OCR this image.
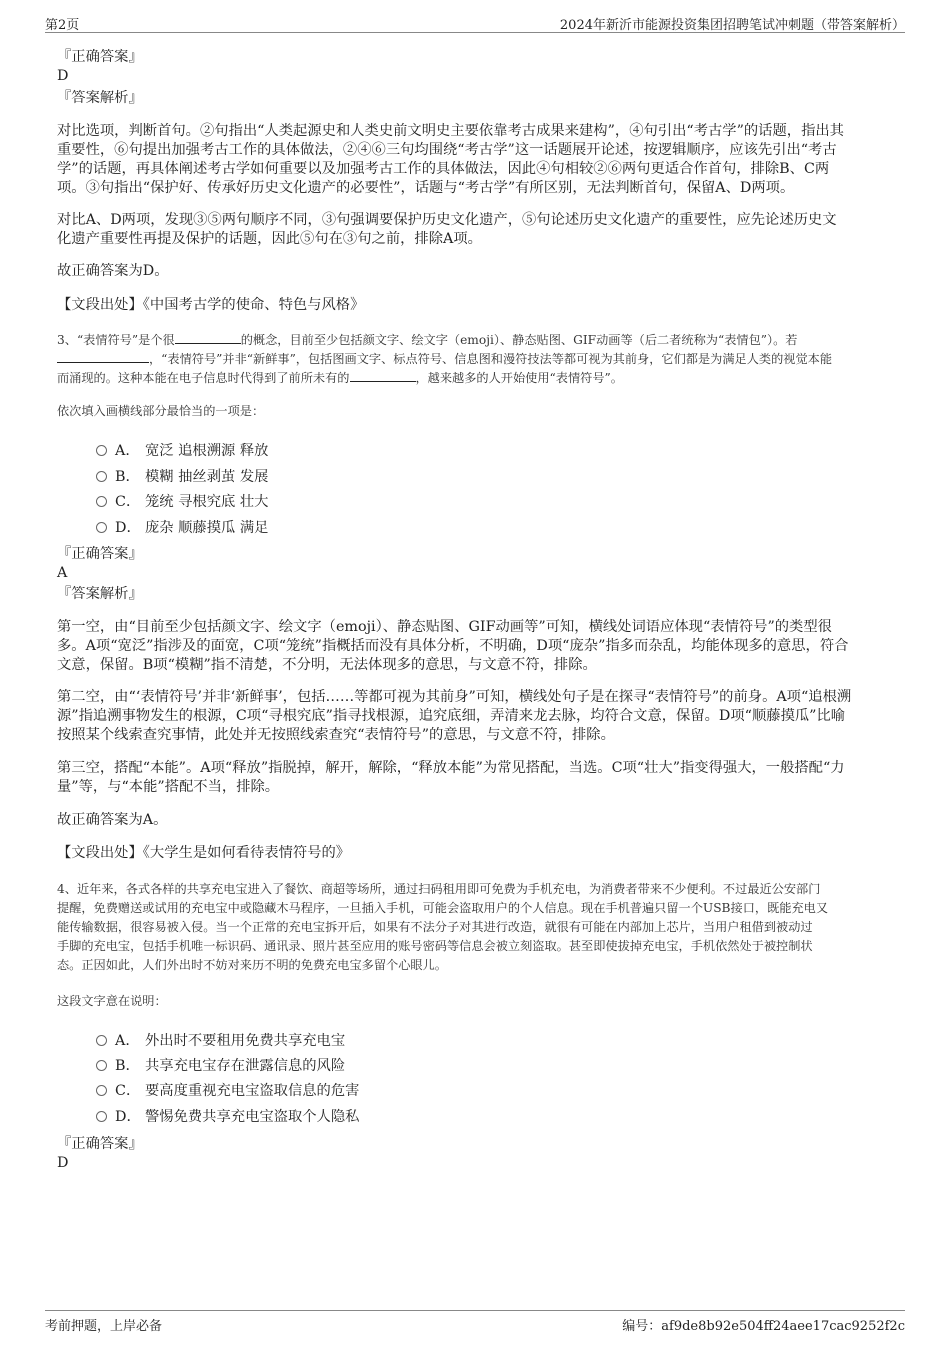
第2页	2024年新沂市能源投资集团招聘笔试冲刺题（带答案解析）
『正确答案』
D
『答案解析』
对比选项，判断首句。②句指出“人类起源史和人类史前文明史主要依靠考古成果来建构”，④句引出“考古学”的话题，指出其
重要性，⑥句提出加强考古工作的具体做法，②④⑥三句均围绕“考古学”这一话题展开论述，按逻辑顺序，应该先引出“考古
学”的话题，再具体阐述考古学如何重要以及加强考古工作的具体做法，因此④句相较②⑥两句更适合作首句，排除B、C两
项。③句指出“保护好、传承好历史文化遗产的必要性”，话题与“考古学”有所区别，无法判断首句，保留A、D两项。
对比A、D两项，发现③⑤两句顺序不同，③句强调要保护历史文化遗产，⑤句论述历史文化遗产的重要性，应先论述历史文
化遗产重要性再提及保护的话题，因此⑤句在③句之前，排除A项。
故正确答案为D。
【文段出处】《中国考古学的使命、特色与风格》
3、“表情符号”是个很	的概念，目前至少包括颜文字、绘文字（emoji）、静态贴图、GIF动画等（后二者统称为“表情包”）。若
，“表情符号”并非“新鲜事”，包括图画文字、标点符号、信息图和漫符技法等都可视为其前身，它们都是为满足人类的视觉本能
而涌现的。这种本能在电子信息时代得到了前所未有的	，越来越多的人开始使用“表情符号”。
依次填入画横线部分最恰当的一项是：
A． 宽泛 追根溯源 释放
B． 模糊 抽丝剥茧 发展
C． 笼统 寻根究底 壮大
D． 庞杂 顺藤摸瓜 满足
『正确答案』
A
『答案解析』
第一空，由“目前至少包括颜文字、绘文字（emoji）、静态贴图、GIF动画等”可知，横线处词语应体现“表情符号”的类型很
多。A项“宽泛”指涉及的面宽，C项“笼统”指概括而没有具体分析，不明确，D项“庞杂”指多而杂乱，均能体现多的意思，符合
文意，保留。B项“模糊”指不清楚，不分明，无法体现多的意思，与文意不符，排除。
第二空，由“‘表情符号’并非‘新鲜事’，包括……等都可视为其前身”可知，横线处句子是在探寻“表情符号”的前身。A项“追根溯
源”指追溯事物发生的根源，C项“寻根究底”指寻找根源，追究底细，弄清来龙去脉，均符合文意，保留。D项“顺藤摸瓜”比喻
按照某个线索查究事情，此处并无按照线索查究“表情符号”的意思，与文意不符，排除。
第三空，搭配“本能”。A项“释放”指脱掉，解开，解除，“释放本能”为常见搭配，当选。C项“壮大”指变得强大，一般搭配“力
量”等，与“本能”搭配不当，排除。
故正确答案为A。
【文段出处】《大学生是如何看待表情符号的》
4、近年来，各式各样的共享充电宝进入了餐饮、商超等场所，通过扫码租用即可免费为手机充电，为消费者带来不少便利。不过最近公安部门
提醒，免费赠送或试用的充电宝中或隐藏木马程序，一旦插入手机，可能会盗取用户的个人信息。现在手机普遍只留一个USB接口，既能充电又
能传输数据，很容易被入侵。当一个正常的充电宝拆开后，如果有不法分子对其进行改造，就很有可能在内部加上芯片，当用户租借到被动过
手脚的充电宝，包括手机唯一标识码、通讯录、照片甚至应用的账号密码等信息会被立刻盗取。甚至即使拔掉充电宝，手机依然处于被控制状
态。正因如此，人们外出时不妨对来历不明的免费充电宝多留个心眼儿。
这段文字意在说明：
A． 外出时不要租用免费共享充电宝
B． 共享充电宝存在泄露信息的风险
C． 要高度重视充电宝盗取信息的危害
D． 警惕免费共享充电宝盗取个人隐私
『正确答案』
D
考前押题，上岸必备	编号：af9de8b92e504ff24aee17cac9252f2c
